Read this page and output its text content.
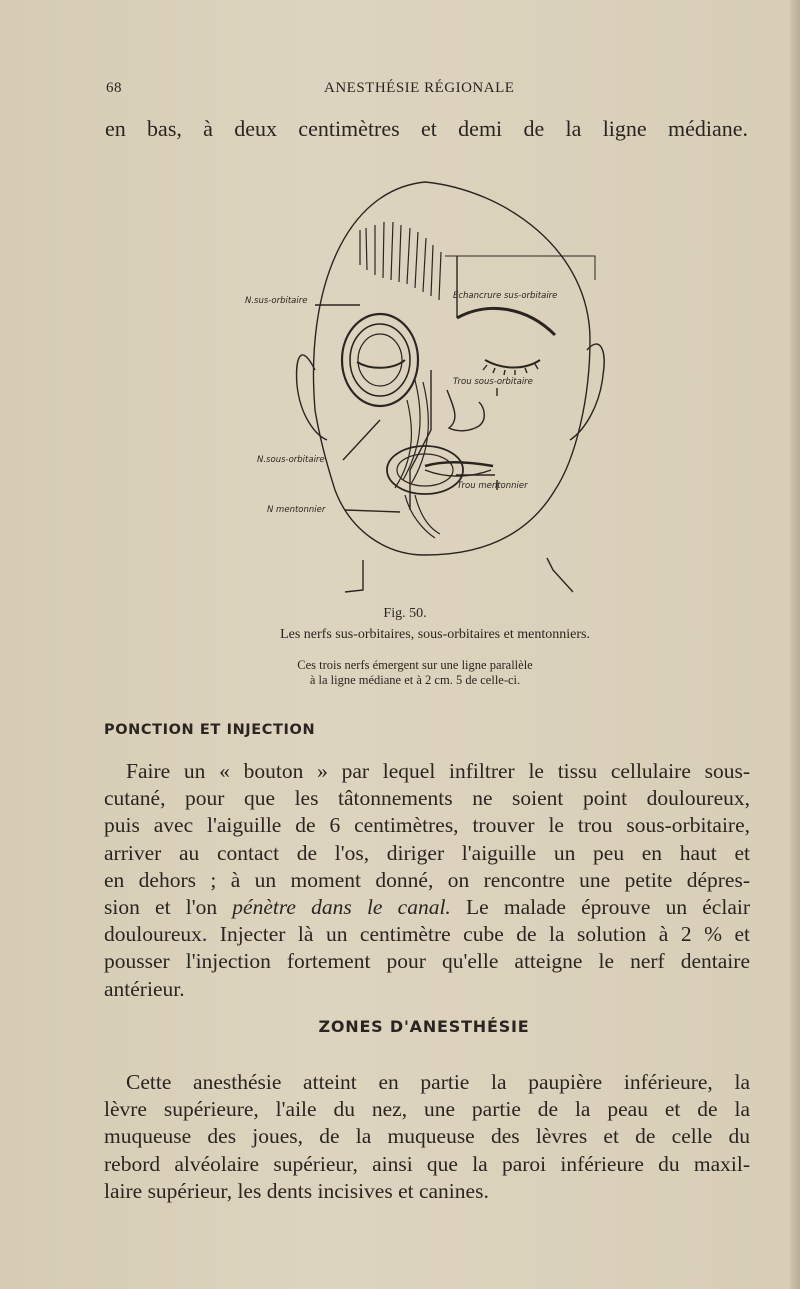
68	ANESTHÉSIE RÉGIONALE
en bas, à deux centimètres et demi de la ligne médiane.
N.sus-orbitaire
N.sous-orbitaire
N mentonnier
Echancrure sus-orbitaire
Trou sous-orbitaire
Trou mentonnier
Fig. 50.
Les nerfs sus-orbitaires, sous-orbitaires et mentonniers.
Ces trois nerfs émergent sur une ligne parallèle
à la ligne médiane et à 2 cm. 5 de celle-ci.
PONCTION ET INJECTION
Faire un « bouton » par lequel infiltrer le tissu cellulaire sous-
cutané, pour que les tâtonnements ne soient point douloureux,
puis avec l'aiguille de 6 centimètres, trouver le trou sous-orbitaire,
arriver au contact de l'os, diriger l'aiguille un peu en haut et
en dehors ; à un moment donné, on rencontre une petite dépres-
sion et l'on pénètre dans le canal. Le malade éprouve un éclair
douloureux. Injecter là un centimètre cube de la solution à 2 % et
pousser l'injection fortement pour qu'elle atteigne le nerf dentaire
antérieur.
ZONES D'ANESTHÉSIE
Cette anesthésie atteint en partie la paupière inférieure, la
lèvre supérieure, l'aile du nez, une partie de la peau et de la
muqueuse des joues, de la muqueuse des lèvres et de celle du
rebord alvéolaire supérieur, ainsi que la paroi inférieure du maxil-
laire supérieur, les dents incisives et canines.
